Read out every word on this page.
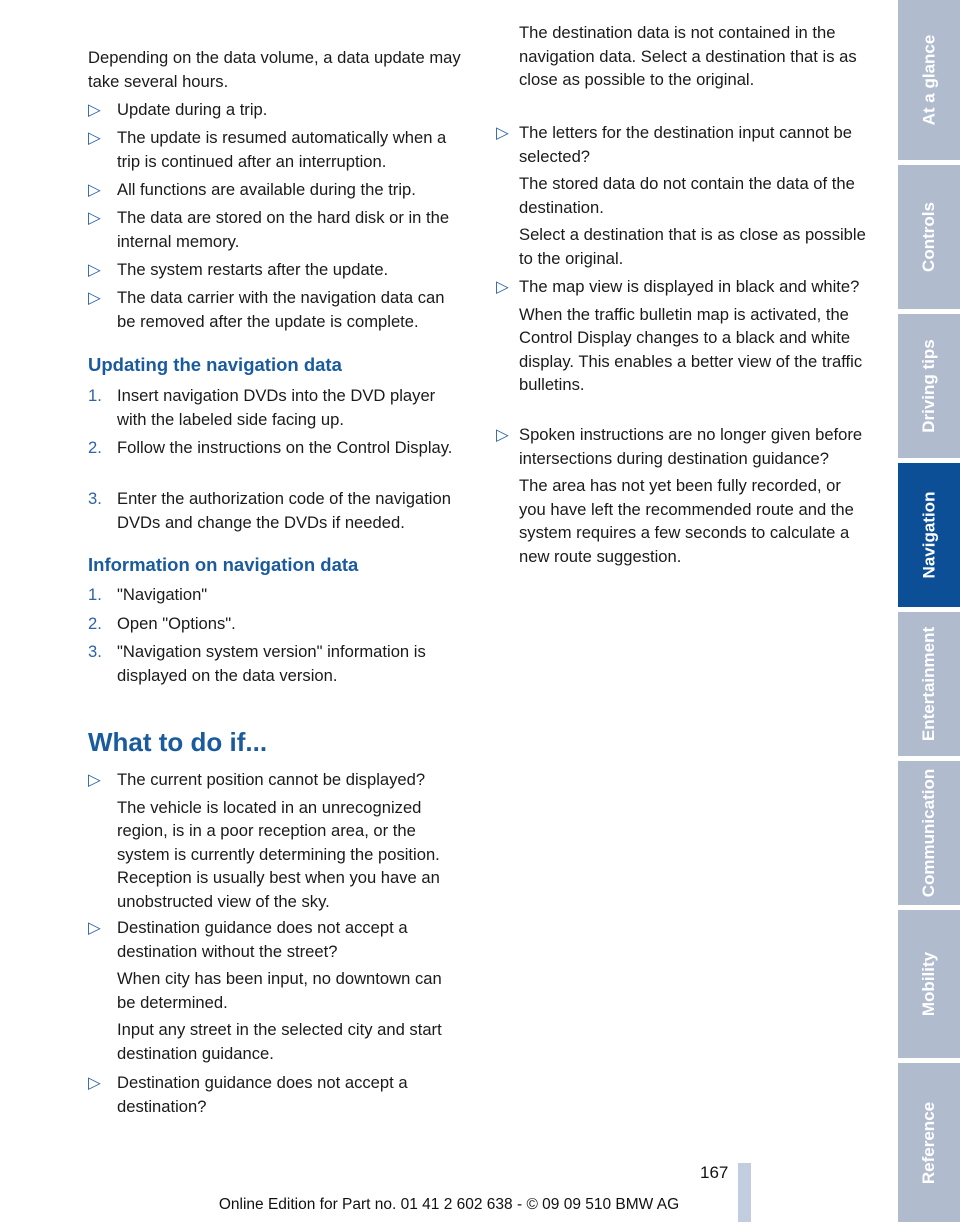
Depending on the data volume, a data update may take several hours.

▷ Update during a trip.
▷ The update is resumed automatically when a trip is continued after an interruption.
▷ All functions are available during the trip.
▷ The data are stored on the hard disk or in the internal memory.
▷ The system restarts after the update.
▷ The data carrier with the navigation data can be removed after the update is complete.
Updating the navigation data
1. Insert navigation DVDs into the DVD player with the labeled side facing up.
2. Follow the instructions on the Control Display.
3. Enter the authorization code of the navigation DVDs and change the DVDs if needed.
Information on navigation data
1. "Navigation"
2. Open "Options".
3. "Navigation system version" information is displayed on the data version.
What to do if...
▷ The current position cannot be displayed?
The vehicle is located in an unrecognized region, is in a poor reception area, or the system is currently determining the position. Reception is usually best when you have an unobstructed view of the sky.
▷ Destination guidance does not accept a destination without the street?
When city has been input, no downtown can be determined.
Input any street in the selected city and start destination guidance.
▷ Destination guidance does not accept a destination?

The destination data is not contained in the navigation data. Select a destination that is as close as possible to the original.

▷ The letters for the destination input cannot be selected?
The stored data do not contain the data of the destination.
Select a destination that is as close as possible to the original.
▷ The map view is displayed in black and white?
When the traffic bulletin map is activated, the Control Display changes to a black and white display. This enables a better view of the traffic bulletins.
▷ Spoken instructions are no longer given before intersections during destination guidance?
The area has not yet been fully recorded, or you have left the recommended route and the system requires a few seconds to calculate a new route suggestion.
At a glance
Controls
Driving tips
Navigation
Entertainment
Communication
Mobility
Reference
167
Online Edition for Part no. 01 41 2 602 638 - © 09 09 510 BMW AG
